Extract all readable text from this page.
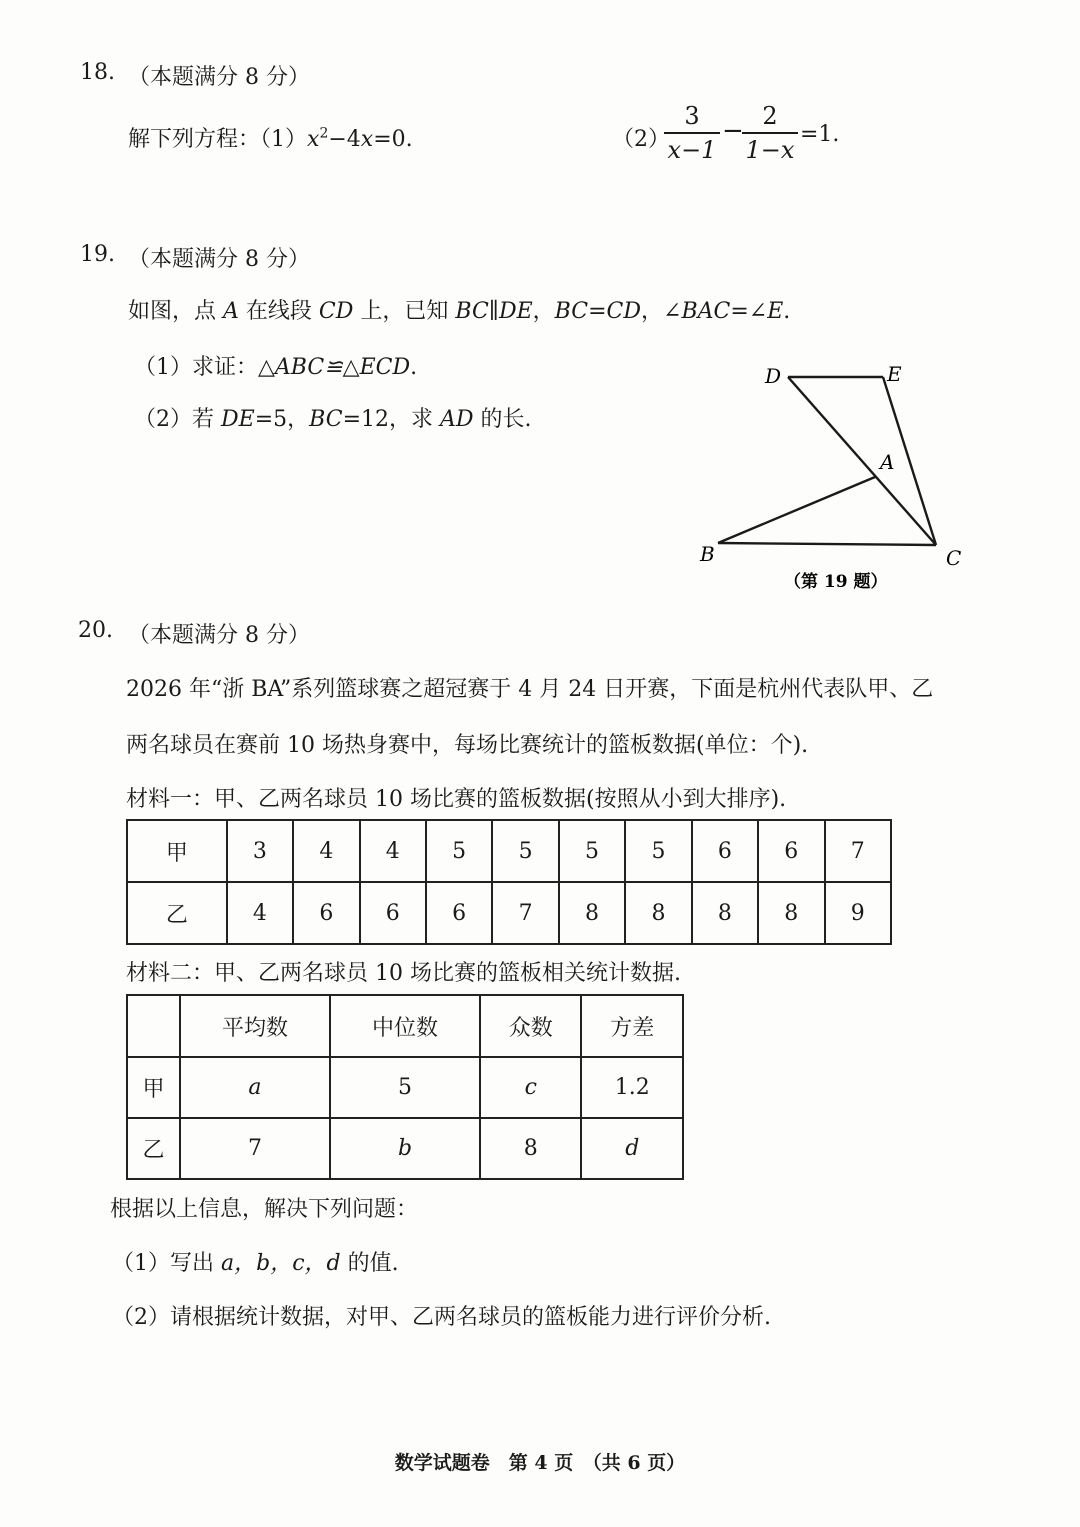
18. （本题满分 8 分）
解下列方程：$(1)x^2-4x=0$.	（2）
3
x−1
− 2
1−x
=1.
19. （本题满分 8 分）
如图，点 A 在线段 CD 上，已知 BC∥DE，BC=CD，∠BAC=∠E.
（1）求证：△ABC≌△ECD.
（2）若 DE=5，BC=12，求 AD 的长.
D	E
A
B	C
（第 19 题）
20. （本题满分 8 分）
2026 年“浙 BA”系列篮球赛之超冠赛于 4 月 24 日开赛，下面是杭州代表队甲、乙
两名球员在赛前 10 场热身赛中，每场比赛统计的篮板数据(单位：个).
材料一：甲、乙两名球员 10 场比赛的篮板数据(按照从小到大排序).
甲	3	4	4	5	5	5	5	6	6	7
乙	4	6	6	6	7	8	8	8	8	9
材料二：甲、乙两名球员 10 场比赛的篮板相关统计数据.
	平均数	中位数	众数	方差
甲	a	5	c	1.2
乙	7	b	8	d
根据以上信息，解决下列问题：
（1）写出 a，b，c，d 的值.
（2）请根据统计数据，对甲、乙两名球员的篮板能力进行评价分析.
数学试题卷　第 4 页　（共 6 页）
